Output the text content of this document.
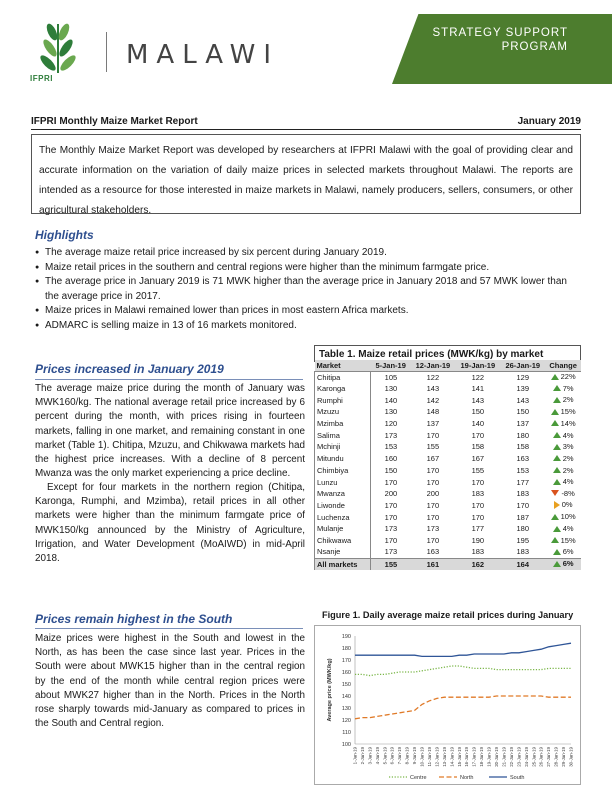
IFPRI
MALAWI
STRATEGY SUPPORT
PROGRAM
IFPRI Monthly Maize Market Report	January 2019
The Monthly Maize Market Report was developed by researchers at IFPRI Malawi with the goal of providing clear and accurate information on the variation of daily maize prices in selected markets throughout Malawi. The reports are intended as a resource for those interested in maize markets in Malawi, namely producers, sellers, consumers, or other agricultural stakeholders.
Highlights
● The average maize retail price increased by six percent during January 2019.
● Maize retail prices in the southern and central regions were higher than the minimum farmgate price.
● The average price in January 2019 is 71 MWK higher than the average price in January 2018 and 57 MWK lower than the average price in 2017.
● Maize prices in Malawi remained lower than prices in most eastern Africa markets.
● ADMARC is selling maize in 13 of 16 markets monitored.
Prices increased in January 2019
The average maize price during the month of January was MWK160/kg. The national average retail price increased by 6 percent during the month, with prices rising in fourteen markets, falling in one market, and remaining constant in one market (Table 1). Chitipa, Mzuzu, and Chikwawa markets had the highest price increases. With a decline of 8 percent Mwanza was the only market experiencing a price decline.
Except for four markets in the northern region (Chitipa, Karonga, Rumphi, and Mzimba), retail prices in all other markets were higher than the minimum farmgate price of MWK150/kg announced by the Ministry of Agriculture, Irrigation, and Water Development (MoAIWD) in mid-April 2018.
Prices remain highest in the South
Maize prices were highest in the South and lowest in the North, as has been the case since last year. Prices in the South were about MWK15 higher than in the central region by the end of the month while central region prices were about MWK27 higher than in the North. Prices in the North rose sharply towards mid-January as compared to prices in the South and Central region.
Table 1. Maize retail prices (MWK/kg) by market
Market	5-Jan-19	12-Jan-19	19-Jan-19	26-Jan-19	Change
Chitipa	105	122	122	129	22%

Karonga	130	143	141	139	7%

Rumphi	140	142	143	143	2%

Mzuzu	130	148	150	150	15%

Mzimba	120	137	140	137	14%

Salima	173	170	170	180	4%

Mchinji	153	155	158	158	3%

Mitundu	160	167	167	163	2%

Chimbiya	150	170	155	153	2%

Lunzu	170	170	170	177	4%

Mwanza	200	200	183	183	-8%

Liwonde	170	170	170	170	0%

Luchenza	170	170	170	187	10%

Mulanje	173	173	177	180	4%

Chikwawa	170	170	190	195	15%

Nsanje	173	163	183	183	6%

All markets	155	161	162	164	6%
Figure 1. Daily average maize retail prices during January
100
110
120
130
140
150
160
170
180
190
Average price (MWK/kg)
1-Jan-19 2-Jan-19 3-Jan-19 4-Jan-19 5-Jan-19 6-Jan-19 7-Jan-19 8-Jan-19 9-Jan-19 10-Jan-19 11-Jan-19 12-Jan-19 13-Jan-19 14-Jan-19 15-Jan-19 16-Jan-19 17-Jan-19 18-Jan-19 19-Jan-19 20-Jan-19 21-Jan-19 22-Jan-19 23-Jan-19 24-Jan-19 25-Jan-19 26-Jan-19 27-Jan-19 28-Jan-19 29-Jan-19 30-Jan-19
Centre	North	South
